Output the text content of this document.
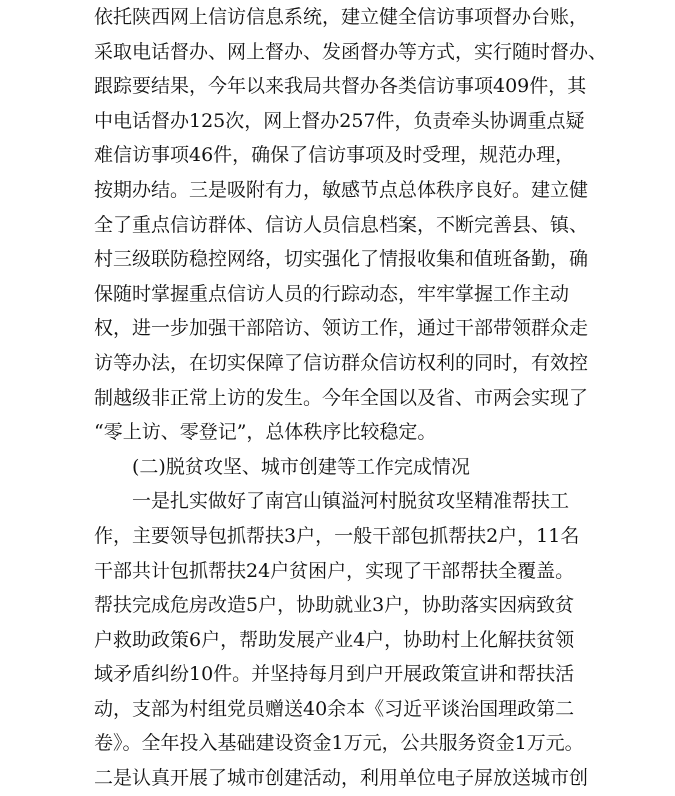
依托陕西网上信访信息系统，建立健全信访事项督办台账，
采取电话督办、网上督办、发函督办等方式，实行随时督办、
跟踪要结果，今年以来我局共督办各类信访事项409件，其
中电话督办125次，网上督办257件，负责牵头协调重点疑
难信访事项46件，确保了信访事项及时受理，规范办理，
按期办结。三是吸附有力，敏感节点总体秩序良好。建立健
全了重点信访群体、信访人员信息档案，不断完善县、镇、
村三级联防稳控网络，切实强化了情报收集和值班备勤，确
保随时掌握重点信访人员的行踪动态，牢牢掌握工作主动
权，进一步加强干部陪访、领访工作，通过干部带领群众走
访等办法，在切实保障了信访群众信访权利的同时，有效控
制越级非正常上访的发生。今年全国以及省、市两会实现了
“零上访、零登记”，总体秩序比较稳定。
(二)脱贫攻坚、城市创建等工作完成情况
一是扎实做好了南宫山镇溢河村脱贫攻坚精准帮扶工
作，主要领导包抓帮扶3户，一般干部包抓帮扶2户，11名
干部共计包抓帮扶24户贫困户，实现了干部帮扶全覆盖。
帮扶完成危房改造5户，协助就业3户，协助落实因病致贫
户救助政策6户，帮助发展产业4户，协助村上化解扶贫领
域矛盾纠纷10件。并坚持每月到户开展政策宣讲和帮扶活
动，支部为村组党员赠送40余本《习近平谈治国理政第二
卷》。全年投入基础建设资金1万元，公共服务资金1万元。
二是认真开展了城市创建活动，利用单位电子屏放送城市创
